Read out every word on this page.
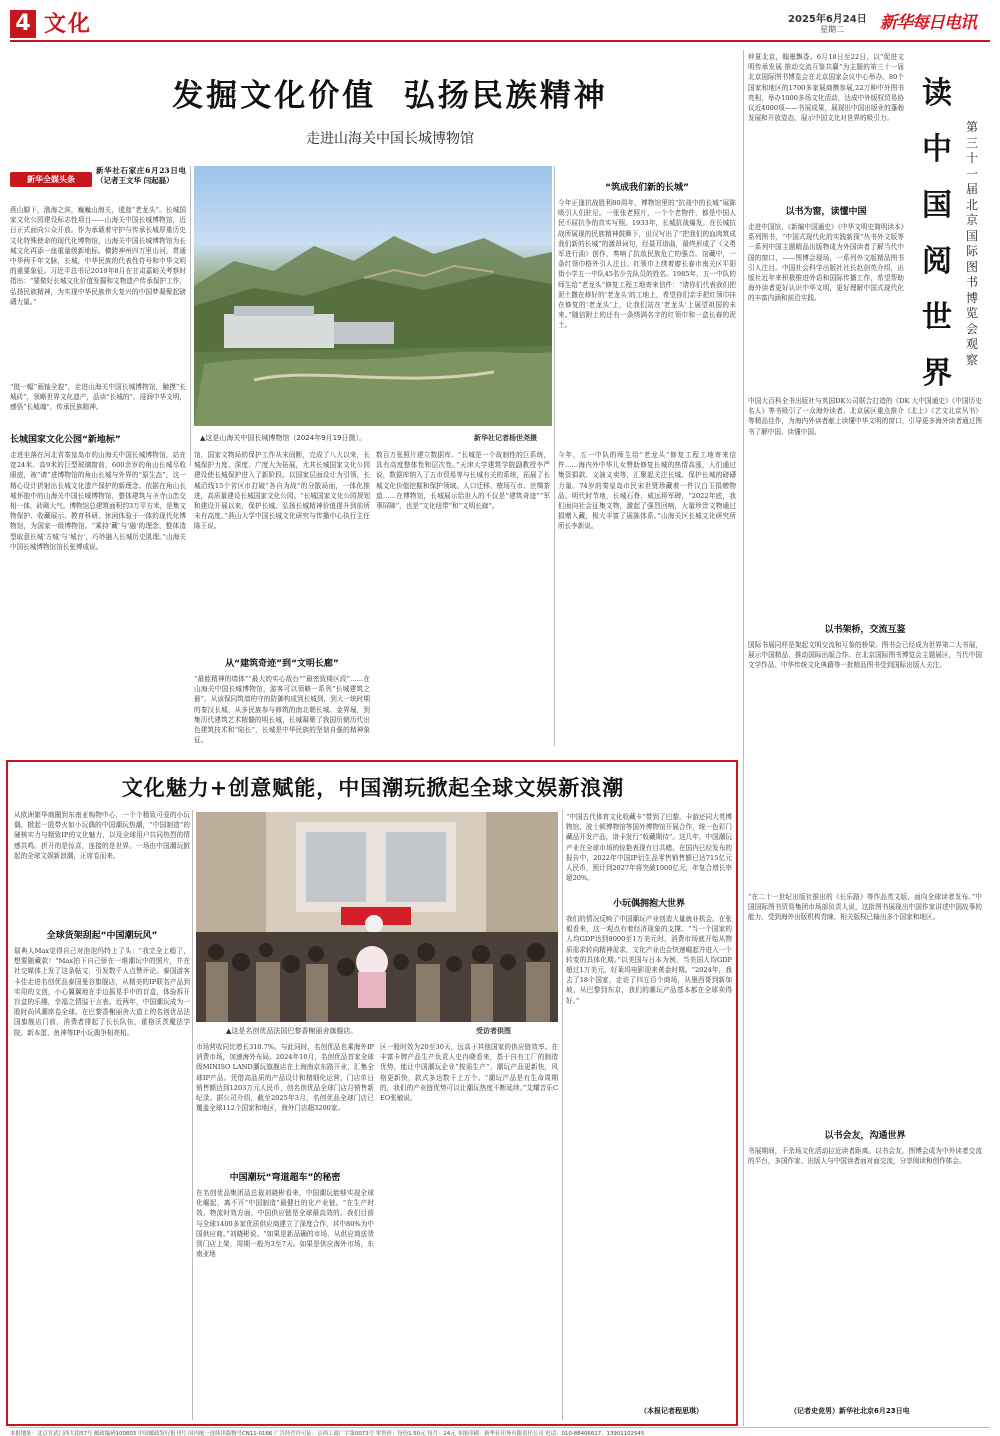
4 文化	2025年6月24日
星期二 新华每日电讯
发掘文化价值  弘扬民族精神
走进山海关中国长城博物馆
新华全媒头条
新华社石家庄6月23日电（记者王文华 闫起磊）
燕山脚下，渤海之滨，巍巍山海关，逶迤“老龙头”。长城国家文化公园建设标志性项目——山海关中国长城博物馆，近日正式面向公众开放。作为承载着守护与传承长城厚重历史文化特殊使命的现代化博物馆，山海关中国长城博物馆为长城文化再添一座重量级新地标。横跨神州四万里山河，贯通中华两千年文脉，长城，中华民族的代表性符号和中华文明的重要象征。习近平总书记2019年8月在甘肃嘉峪关考察时指出：“要做好长城文化价值发掘和文物遗产传承保护工作，弘扬民族精神，为实现中华民族伟大复兴的中国梦凝聚起磅礴力量。”
“挺一幅“画轴全貌”，走进山海关中国长城博物馆，触摸“长城砖”，领略世界文化遗产，品读“长城的”，浸润中华文明，感悟“长城魂”，传承民族精神。
▲这是山海关中国长城博物馆（2024年9月19日摄）。	新华社记者杨世尧摄
“筑成我们新的长城”
今年正逢抗战胜利80周年，博物馆里的“抗战中的长城”展陈吸引人们驻足。一张张老照片，一个个老物件，都是中国人民不屈抗争的真实写照。1933年，长城抗战爆发。在长城抗战所展现的民族精神鼓舞下，田汉写出了“把我们的血肉筑成我们新的长城”的激昂词句，经聂耳谱曲，最终形成了《义勇军进行曲》创作，奏响了抗敌民族危亡的强音。馆藏中，一条红领巾格外引人注目。红领巾上绣着廖长春市南关区平阳街小学五一中队45名少先队员的姓名。1985年，五一中队的师生给“老龙头”修复工程工地寄来信件：“请你们代表我们把泥土撒在修好的‘老龙头’的工地上，希望你们亲手把红领巾挂在修复的‘老龙头’上，让我们站在‘老龙头’上展望祖国的未来。”随信附上的还有一条绣满名字的红领巾和一盒长春的泥土。
长城国家文化公园“新地标”
走进坐落在河北省秦皇岛市的山海关中国长城博物馆，站在宽24米、高9米的巨型玻璃窗前，600余岁的角山长城尽收眼底，被“请”进博物馆的角山长城与外界的“原生态”，这一精心设计折射出长城文化遗产保护的新理念。依据在角山长城怀抱中的山海关中国长城博物馆，整体建筑与圣寺山峦交相一体，砖砌大气。博物馆总建筑面积约3万平方米，是集文物保护、收藏展示、教育科研、休闲体验于一体的现代化博物馆，为国家一级博物馆。“乘持‘藏’与‘融’的理念，整体造型取意长城‘方城’与‘城台’，巧妙融入长城历史肌理。”山海关中国长城博物馆馆长张博成说。
馆，国家文物局的保护工作从未间断，完成了八大以来，长城保护力度、深度、广度大为拓展，尤其长城国家文化公园建设使长城保护进入了新阶段。以国家层面设计为引领，长城沿线15个省区市打破“各自为战”的分散局面，一体化推进，高质量建设长城国家文化公园。“长城国家文化公园规划和建设开展以来，保护长城、弘扬长城精神价值提升到前所未有高度。”燕山大学中国长城文化研究与传播中心执行主任陈王说。
从“建筑奇迹”到“文明长廊”
“最能精神的墙体”“最大的实心敌台”“最密致楼区段”……在山海关中国长城博物馆，游客可以领略一系列“长城建筑之最”。从该保同筑墙的守的防御构成到长城到，到大一统时期的秦汉长城，从多民族参与修筑的南北朝长城、金界壕，到集历代建筑艺术精髓的明长城，长城凝聚了我国历朝历代出色建筑技术和“陷长”，长城是中华民族的坚韧自强的精神象征。
数百万张照片建立数据库。“长城是一个故制性的巨系统，具有高度整体性和层次性。”天津大学建筑学院副教授李严说，数据库纳入了五市贸易等与长城有关的系统，拓展了长城文化价值挖掘和保护领域。人口迁移、榷场互市、丝绸茶道……在博物馆，长城展示给世人的不仅是“建筑奇迹”“军事屏障”，也是“文化纽带”和“文明长廊”。
今年，五一中队的师生给“老龙头”修复工程工地寄来信件……海内外中华儿女赞助修复长城的热情高涨，人们通过集资捐款、义演义卖等，汇聚起关注长城、保护长城的磅礴力量。74岁的秦皇岛市民宋世贤珍藏着一件汉白玉捐赠物品。明代时节地，长城石脊，威远将军碑，“2022年底，我们面向社会征集文物，激起了强烈回响，大量珍贵文物通过捐赠入藏，极大丰富了展陈体系。”山海关区长城文化研究所所长李新说。
文化魅力+创意赋能，中国潮玩掀起全球文娱新浪潮
从欧洲繁华商圈到东南亚购物中心，一个个精致可爱的小玩偶，掀起一股带火如小玩偶的中国潮玩热潮，“中国制造”的硬核实力与精致IP的文化魅力，以及全球用户共同热烈的情感共鸣。折开的是惊喜，连接的是世界。一场由中国潮玩掀起的全球文娱新浪潮，正席卷而来。
全球货架刮起“中国潮玩风”
瑞典人Max觉得自己对泡泡玛特上了头：“我完全上瘾了，想要随藏款！”Max拍下自己骄在一堆潮玩中的照片，并在社交媒体上发了这条帖文，引发数千人点赞评论。泰国游客卡佳走进名创优品泰国曼谷旗舰店，从精美的IP联名产品到实用的文创，小心翼翼地在手边摇晃手中的盲盒，体验拆开盲盒的乐趣，幸福之情溢于言表。近两年，中国潮玩成为一股时尚风潮席卷全球。在巴黎香榭丽舍大道上的名创优品法国旗舰店门前，消费者排起了长长队伍，霍格沃茨魔法学院、新本蛋、鱼神等IP小玩偶争相亮相。	▲这是名创优品法国巴黎香榭丽舍旗舰店。	受访者供图
市场营收同比增长310.7%。与此同时，名创优品也乘海外IP消费市场，加速海外布局。2024年10月，名创优品首家全球级MINISO LAND潮玩旗舰店在上海南京东路开业，汇集全球IP产品。凭借高品质的产品设计和精细化运营，门店单日销售额达到1203万元人民币，创名创优品全球门店月销售新纪录。据公司介绍，截至2025年3月，名创优品全球门店已覆盖全球112个国家和地区，海外门店超3200家。
中国潮玩“弯道超车”的秘密
在名创优品集团品总裁刘晓彬看来，中国潮玩能够实现全球化崛起，离不开“中国制造”最健壮的化产业链。“在生产时效、物流时效方面，中国供应链是全球最高效的。我们目前与全球1400多家优质供应商建立了深度合作，其中80%为中国供应商。”刘晓彬说。“如果是新品确的市场，从供应商送货到门店上架，周期一般为3至7天。如果是供应海外市场，东南亚地
区一般时效为20至30天，远高于其他国家的供应链效率。在丰富卡牌产品生产负责人史冉晓看来，基于自有工厂的制造优势，能让中国潮玩企业“按需生产”，潮玩产品更新快，风格更新快，款式多达数千上万个。“潮玩产品是有生命周期的，我们的产业链优势可以让潮玩热度不断延续。”艾耀音乐CEO张敏说。
“中国古代体育文化收藏卡”带到了巴黎。卡游还同大英博物馆、波士顿博物馆等国外博物馆开展合作，统一色彩门藏品开发产品，谱卡发行“收藏期待”。这几年，中国潮玩产业在全球市场的惊艳表现有目共睹。在国内已经发布的报告中，2022年中国IP衍生品零售销售额已达715亿元人民币，预计到2027年将突破1000亿元，年复合增长率超20%。
小玩偶拥抱大世界
我们的情况反映了中国潮玩产业创造大量就业机会。在张毅看来，这一观点有着经济现象的支撑。“当一个国家的人均GDP达到8000至1万美元时，消费市场就开始从物质需求转向精神需求，文化产业也会快速崛起并进入一个转变的具体化期。”以美国与日本为例，当美国人均GDP超过1万美元，好莱坞电影迎来黄金时期。“2024年，我去了18个国家，走访了四五百个商场，从墨西哥到新加坡，从巴黎到东京，我们的潮玩产品基本都在全球卖得好。”
（本报记者程思琪）
仲夏北京，翰墨飘香。6月18日至22日，以“促进文明传承发展 推动交流互鉴共赢”为主题的第三十一届北京国际图书博览会在北京国家会议中心举办。80个国家和地区的1700多家展商携参展,22万种中外图书亮相，举办1000多场文化活动，达成中外版权贸易协议近4000项——书展成果，展现出中国出版业的蓬勃发展和开放姿态，展示中国文化对世界的吸引力。
读
中
国
阅
世
界
第三十一届北京国际图书博览会观察
以书为窗，读懂中国
走进中国馆，《新编中国通史》《中华文明史简明读本》系列图书，“中国式现代化的实践新探”丛书外文版等一系列中国主题精品出版物成为外国读者了解当代中国的窗口，——图博会现场，一系列外文版精品图书引人注目。中国社会科学出版社社长赵剑英介绍，出版社近年来积极推进外语和国际传播工作，希望帮助海外读者更好认识中华文明，更好理解中国式现代化的丰富内涵和前沿实践。
中国大百科全书出版社与英国DK公司联合打造的《DK 大中国通史》《中国历史名人》等书吸引了一众海外读者。北京展区重点推介《北上》《艺文北京丛书》等精品佳作，为海内外读者献上读懂中华文明的窗口，引导更多海外读者通过图书了解中国、读懂中国。
以书架桥，交流互鉴
国际书展同样是架起文明交流和互鉴的桥梁。图书会已经成为世界第二大书展，展示中国精品，推动国际出版合作。在北京国际图书博览会主题展区，当代中国文学作品、中华传统文化典籍等一批精品图书受到国际出版人关注。
“在二十一世纪出版社推出的《长乐路》等作品英文版，面向全球读者发布。”中国国际图书贸易集团市场部负责人说，这批图书展现出中国作家讲述中国故事的能力，受到海外出版机构青睐，相关版权已输出多个国家和地区。
以书会友，沟通世界
书展期间，千余场文化活动拉近读者距离。以书会友，图博会成为中外读者交流的平台，多国作家、出版人与中国读者面对面交流，分享阅读和创作体会。
（记者史竞男）新华社北京6月23日电
本报地址：北京宣武门西大街57号 邮政编码100803 中国邮政发行报刊号 国内统一连续出版物号CN11-0166 广告经营许可证：京西工商广字第0073号 零售价：每份1.50元 每月：24元 本报印刷：新华社印务有限责任公司 电话：010-88406617、13901102545
